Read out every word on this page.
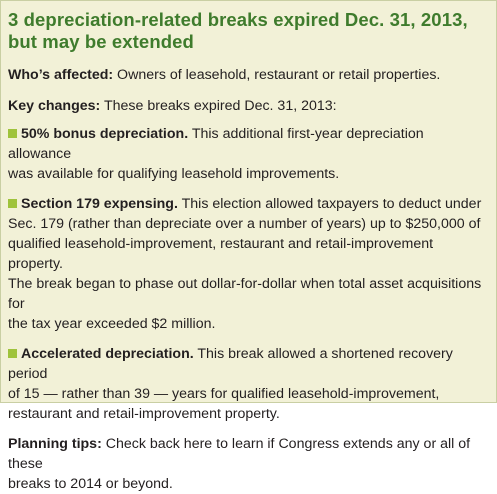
3 depreciation-related breaks expired Dec. 31, 2013,
but may be extended
Who’s affected: Owners of leasehold, restaurant or retail properties.
Key changes: These breaks expired Dec. 31, 2013:
50% bonus depreciation. This additional first-year depreciation allowance
was available for qualifying leasehold improvements.
Section 179 expensing. This election allowed taxpayers to deduct under
Sec. 179 (rather than depreciate over a number of years) up to $250,000 of
qualified leasehold-improvement, restaurant and retail-improvement property.
The break began to phase out dollar-for-dollar when total asset acquisitions for
the tax year exceeded $2 million.
Accelerated depreciation. This break allowed a shortened recovery period
of 15 — rather than 39 — years for qualified leasehold-improvement,
restaurant and retail-improvement property.
Planning tips: Check back here to learn if Congress extends any or all of these
breaks to 2014 or beyond.
